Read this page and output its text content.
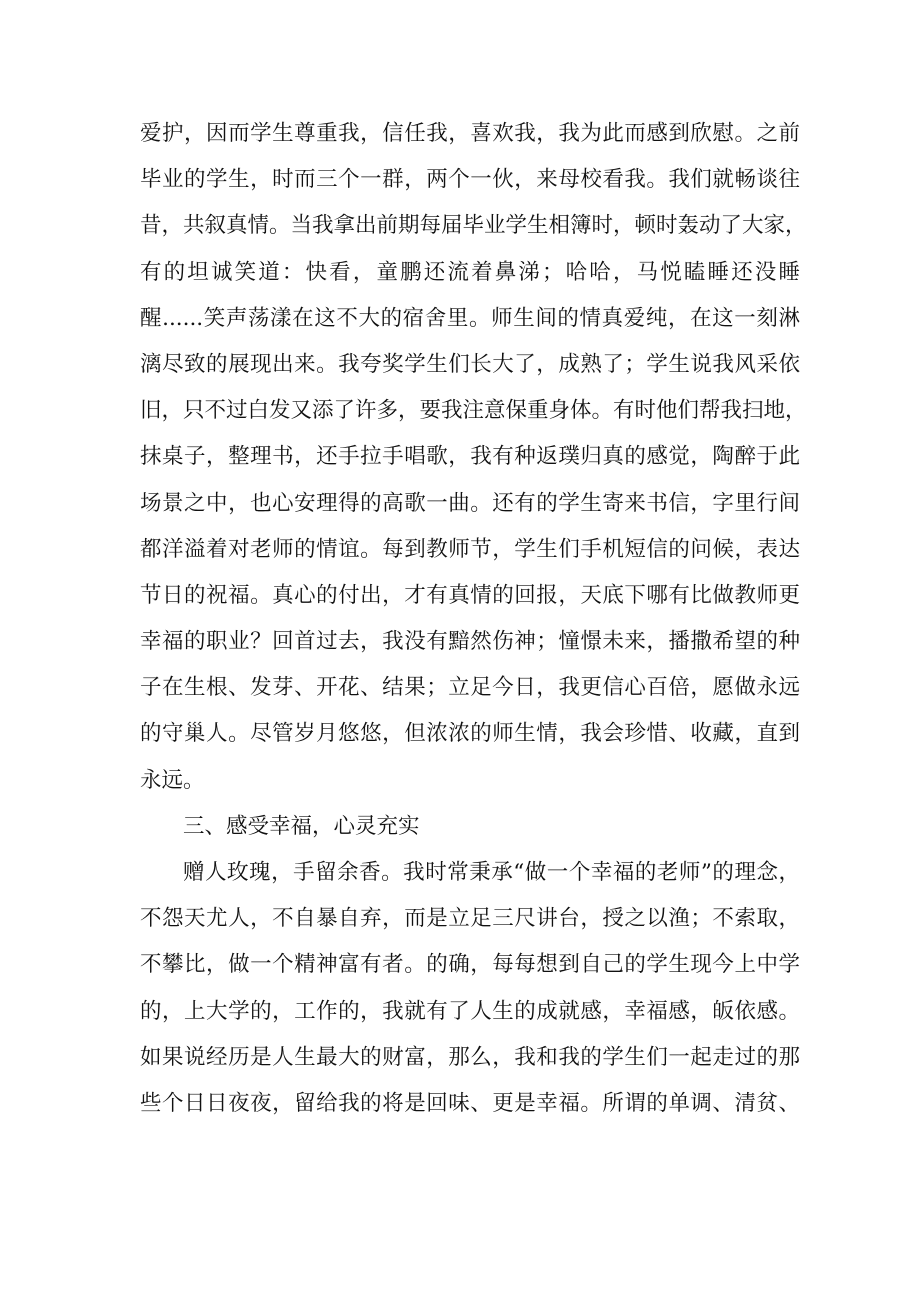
爱护，因而学生尊重我，信任我，喜欢我，我为此而感到欣慰。之前
毕业的学生，时而三个一群，两个一伙，来母校看我。我们就畅谈往
昔，共叙真情。当我拿出前期每届毕业学生相簿时，顿时轰动了大家，
有的坦诚笑道：快看，童鹏还流着鼻涕；哈哈，马悦瞌睡还没睡
醒......笑声荡漾在这不大的宿舍里。师生间的情真爱纯，在这一刻淋
漓尽致的展现出来。我夸奖学生们长大了，成熟了；学生说我风采依
旧，只不过白发又添了许多，要我注意保重身体。有时他们帮我扫地，
抹桌子，整理书，还手拉手唱歌，我有种返璞归真的感觉，陶醉于此
场景之中，也心安理得的高歌一曲。还有的学生寄来书信，字里行间
都洋溢着对老师的情谊。每到教师节，学生们手机短信的问候，表达
节日的祝福。真心的付出，才有真情的回报，天底下哪有比做教师更
幸福的职业？回首过去，我没有黯然伤神；憧憬未来，播撒希望的种
子在生根、发芽、开花、结果；立足今日，我更信心百倍，愿做永远
的守巢人。尽管岁月悠悠，但浓浓的师生情，我会珍惜、收藏，直到
永远。
三、感受幸福，心灵充实
赠人玫瑰，手留余香。我时常秉承“做一个幸福的老师”的理念，
不怨天尤人，不自暴自弃，而是立足三尺讲台，授之以渔；不索取，
不攀比，做一个精神富有者。的确，每每想到自己的学生现今上中学
的，上大学的，工作的，我就有了人生的成就感，幸福感，皈依感。
如果说经历是人生最大的财富，那么，我和我的学生们一起走过的那
些个日日夜夜，留给我的将是回味、更是幸福。所谓的单调、清贫、
